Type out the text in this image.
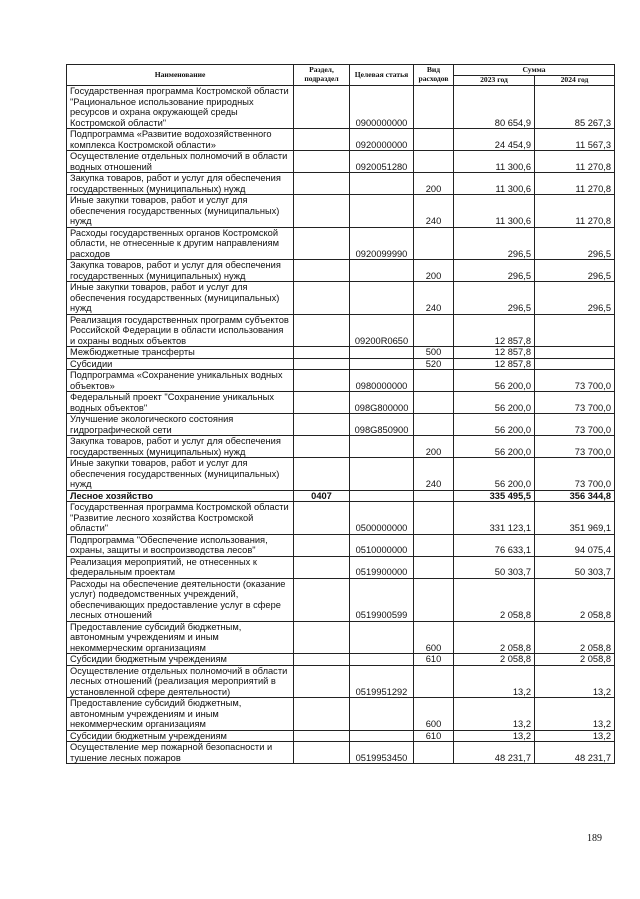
Наименование	Раздел, подраздел	Целевая статья	Вид расходов	Сумма	
				2023 год	2024 год
Государственная программа Костромской области "Рациональное использование природных ресурсов и охрана окружающей среды Костромской области"		0900000000		80 654,9	85 267,3
Подпрограмма «Развитие водохозяйственного комплекса Костромской области»		0920000000		24 454,9	11 567,3
Осуществление отдельных полномочий в области водных отношений		0920051280		11 300,6	11 270,8
Закупка товаров, работ и услуг для обеспечения государственных (муниципальных) нужд			200	11 300,6	11 270,8
Иные закупки товаров, работ и услуг для обеспечения государственных (муниципальных) нужд			240	11 300,6	11 270,8
Расходы государственных органов Костромской области, не отнесенные к другим направлениям расходов		0920099990		296,5	296,5
Закупка товаров, работ и услуг для обеспечения государственных (муниципальных) нужд			200	296,5	296,5
Иные закупки товаров, работ и услуг для обеспечения государственных (муниципальных) нужд			240	296,5	296,5
Реализация государственных программ субъектов Российской Федерации в области использования и охраны водных объектов		09200R0650		12 857,8	
Межбюджетные трансферты			500	12 857,8	
Субсидии			520	12 857,8	
Подпрограмма «Сохранение уникальных водных объектов»		0980000000		56 200,0	73 700,0
Федеральный проект "Сохранение уникальных водных объектов"		098G800000		56 200,0	73 700,0
Улучшение экологического состояния гидрографической сети		098G850900		56 200,0	73 700,0
Закупка товаров, работ и услуг для обеспечения государственных (муниципальных) нужд			200	56 200,0	73 700,0
Иные закупки товаров, работ и услуг для обеспечения государственных (муниципальных) нужд			240	56 200,0	73 700,0
Лесное хозяйство	0407			335 495,5	356 344,8
Государственная программа Костромской области "Развитие лесного хозяйства Костромской области"		0500000000		331 123,1	351 969,1
Подпрограмма "Обеспечение использования, охраны, защиты и воспроизводства лесов"		0510000000		76 633,1	94 075,4
Реализация мероприятий, не отнесенных к федеральным проектам		0519900000		50 303,7	50 303,7
Расходы на обеспечение деятельности (оказание услуг) подведомственных учреждений, обеспечивающих предоставление услуг в сфере лесных отношений		0519900599		2 058,8	2 058,8
Предоставление субсидий бюджетным, автономным учреждениям и иным некоммерческим организациям			600	2 058,8	2 058,8
Субсидии бюджетным учреждениям			610	2 058,8	2 058,8
Осуществление отдельных полномочий в области лесных отношений (реализация мероприятий в установленной сфере деятельности)		0519951292		13,2	13,2
Предоставление субсидий бюджетным, автономным учреждениям и иным некоммерческим организациям			600	13,2	13,2
Субсидии бюджетным учреждениям			610	13,2	13,2
Осуществление мер пожарной безопасности и тушение лесных пожаров		0519953450		48 231,7	48 231,7
189
